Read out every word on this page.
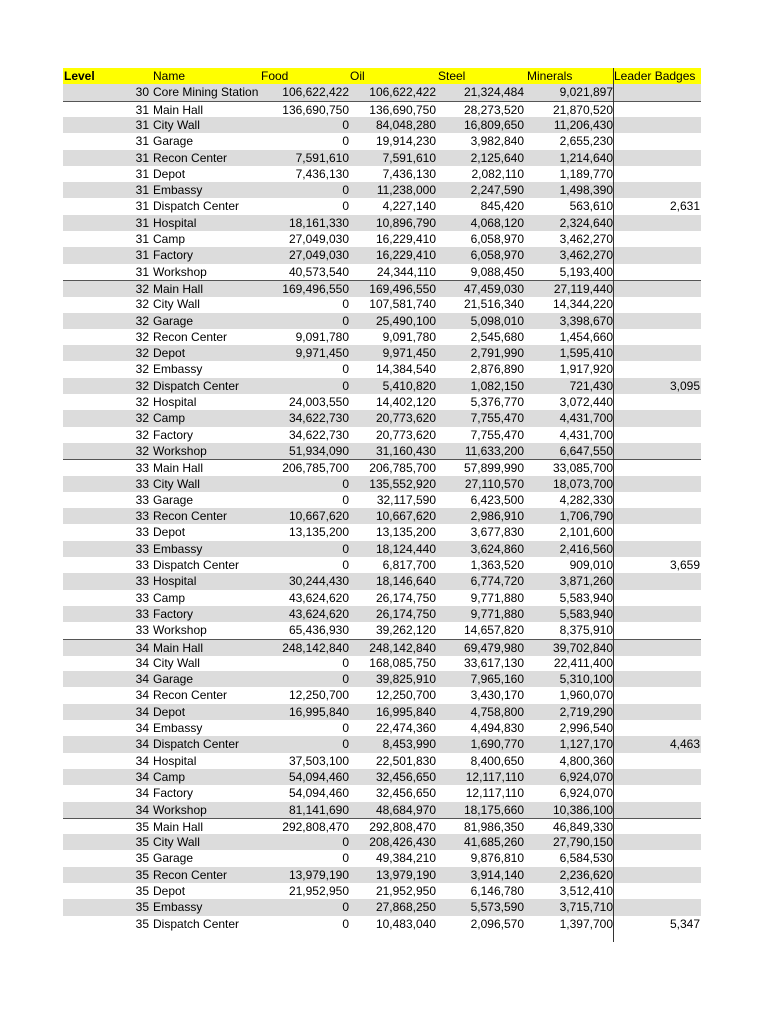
Level	Name	Food	Oil	Steel	Minerals	Leader Badges
30 Core Mining Station	106,622,422	106,622,422	21,324,484	9,021,897
31 Main Hall	136,690,750	136,690,750	28,273,520	21,870,520
31 City Wall	0	84,048,280	16,809,650	11,206,430
31 Garage	0	19,914,230	3,982,840	2,655,230
31 Recon Center	7,591,610	7,591,610	2,125,640	1,214,640
31 Depot	7,436,130	7,436,130	2,082,110	1,189,770
31 Embassy	0	11,238,000	2,247,590	1,498,390
31 Dispatch Center	0	4,227,140	845,420	563,610	2,631
31 Hospital	18,161,330	10,896,790	4,068,120	2,324,640
31 Camp	27,049,030	16,229,410	6,058,970	3,462,270
31 Factory	27,049,030	16,229,410	6,058,970	3,462,270
31 Workshop	40,573,540	24,344,110	9,088,450	5,193,400
32 Main Hall	169,496,550	169,496,550	47,459,030	27,119,440
32 City Wall	0	107,581,740	21,516,340	14,344,220
32 Garage	0	25,490,100	5,098,010	3,398,670
32 Recon Center	9,091,780	9,091,780	2,545,680	1,454,660
32 Depot	9,971,450	9,971,450	2,791,990	1,595,410
32 Embassy	0	14,384,540	2,876,890	1,917,920
32 Dispatch Center	0	5,410,820	1,082,150	721,430	3,095
32 Hospital	24,003,550	14,402,120	5,376,770	3,072,440
32 Camp	34,622,730	20,773,620	7,755,470	4,431,700
32 Factory	34,622,730	20,773,620	7,755,470	4,431,700
32 Workshop	51,934,090	31,160,430	11,633,200	6,647,550
33 Main Hall	206,785,700	206,785,700	57,899,990	33,085,700
33 City Wall	0	135,552,920	27,110,570	18,073,700
33 Garage	0	32,117,590	6,423,500	4,282,330
33 Recon Center	10,667,620	10,667,620	2,986,910	1,706,790
33 Depot	13,135,200	13,135,200	3,677,830	2,101,600
33 Embassy	0	18,124,440	3,624,860	2,416,560
33 Dispatch Center	0	6,817,700	1,363,520	909,010	3,659
33 Hospital	30,244,430	18,146,640	6,774,720	3,871,260
33 Camp	43,624,620	26,174,750	9,771,880	5,583,940
33 Factory	43,624,620	26,174,750	9,771,880	5,583,940
33 Workshop	65,436,930	39,262,120	14,657,820	8,375,910
34 Main Hall	248,142,840	248,142,840	69,479,980	39,702,840
34 City Wall	0	168,085,750	33,617,130	22,411,400
34 Garage	0	39,825,910	7,965,160	5,310,100
34 Recon Center	12,250,700	12,250,700	3,430,170	1,960,070
34 Depot	16,995,840	16,995,840	4,758,800	2,719,290
34 Embassy	0	22,474,360	4,494,830	2,996,540
34 Dispatch Center	0	8,453,990	1,690,770	1,127,170	4,463
34 Hospital	37,503,100	22,501,830	8,400,650	4,800,360
34 Camp	54,094,460	32,456,650	12,117,110	6,924,070
34 Factory	54,094,460	32,456,650	12,117,110	6,924,070
34 Workshop	81,141,690	48,684,970	18,175,660	10,386,100
35 Main Hall	292,808,470	292,808,470	81,986,350	46,849,330
35 City Wall	0	208,426,430	41,685,260	27,790,150
35 Garage	0	49,384,210	9,876,810	6,584,530
35 Recon Center	13,979,190	13,979,190	3,914,140	2,236,620
35 Depot	21,952,950	21,952,950	6,146,780	3,512,410
35 Embassy	0	27,868,250	5,573,590	3,715,710
35 Dispatch Center	0	10,483,040	2,096,570	1,397,700	5,347
